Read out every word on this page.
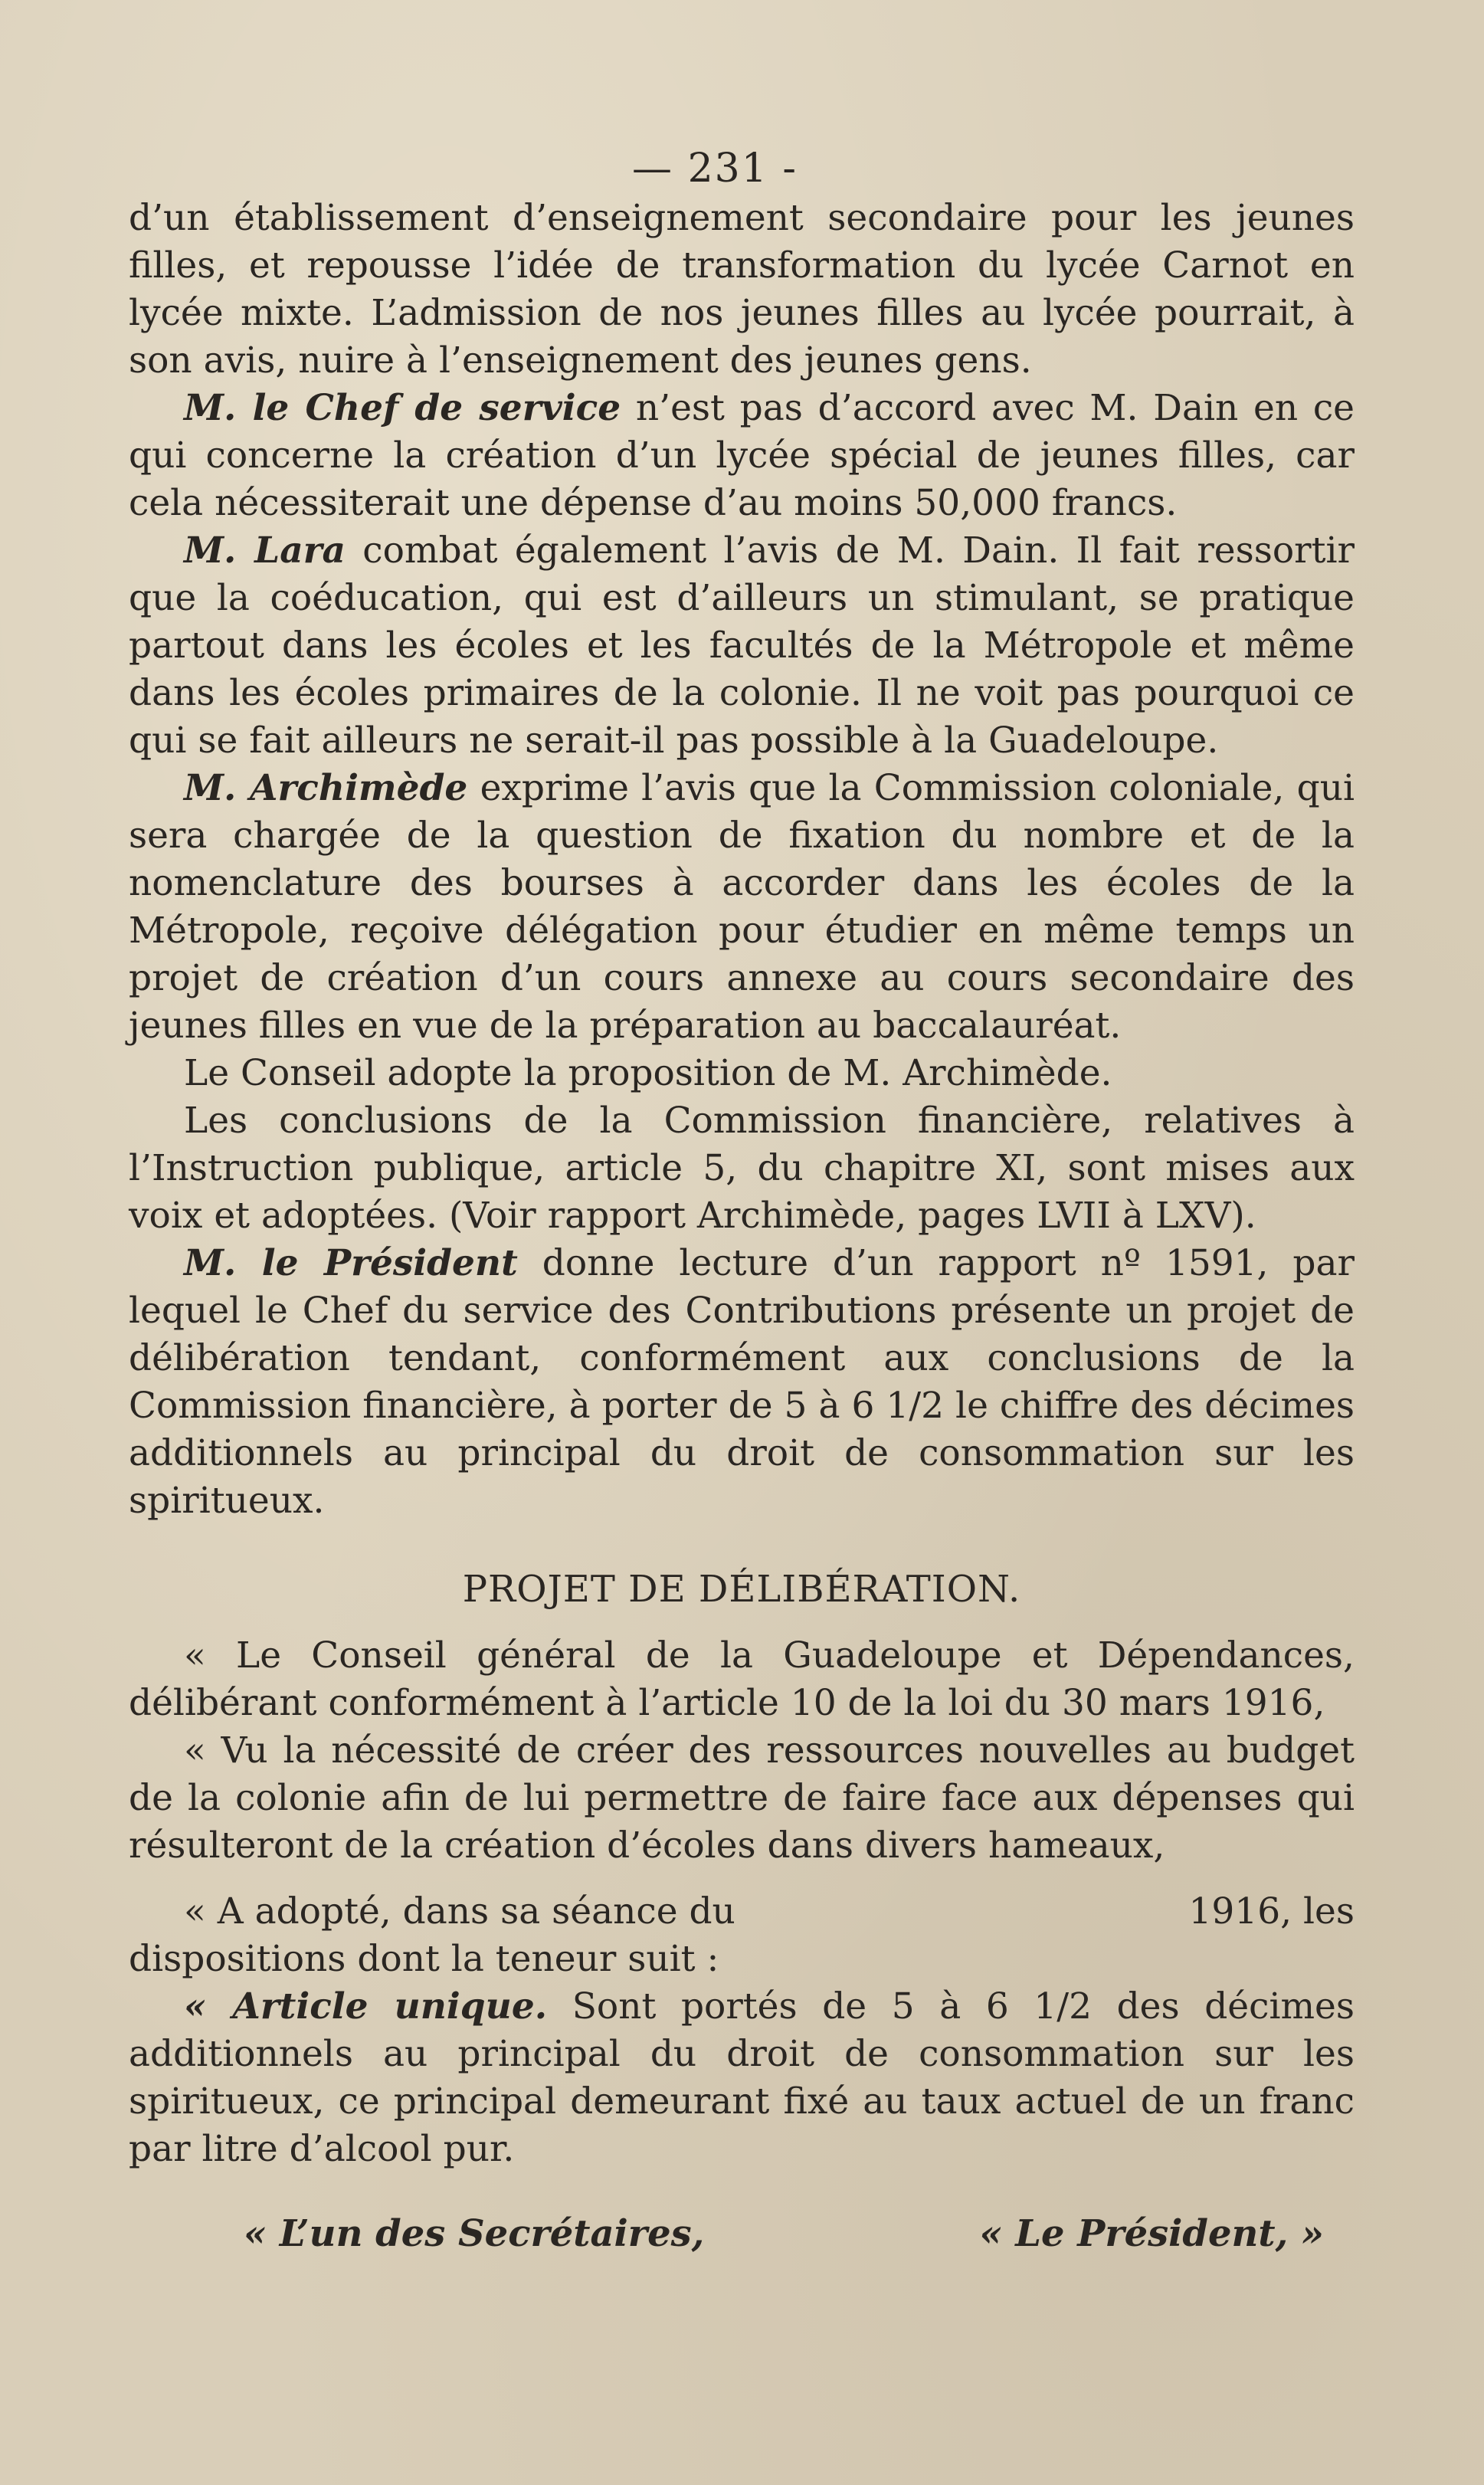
— 231 -

d’un établissement d’enseignement secondaire pour les jeunes filles, et repousse l’idée de transformation du lycée Carnot en lycée mixte. L’admission de nos jeunes filles au lycée pourrait, à son avis, nuire à l’enseignement des jeunes gens.

M. le Chef de service n’est pas d’accord avec M. Dain en ce qui concerne la création d’un lycée spécial de jeunes filles, car cela nécessiterait une dépense d’au moins 50,000 francs.

M. Lara combat également l’avis de M. Dain. Il fait ressortir que la coéducation, qui est d’ailleurs un stimulant, se pratique partout dans les écoles et les facultés de la Métropole et même dans les écoles primaires de la colonie. Il ne voit pas pourquoi ce qui se fait ailleurs ne serait-il pas possible à la Guadeloupe.

M. Archimède exprime l’avis que la Commission coloniale, qui sera chargée de la question de fixation du nombre et de la nomenclature des bourses à accorder dans les écoles de la Métropole, reçoive délégation pour étudier en même temps un projet de création d’un cours annexe au cours secondaire des jeunes filles en vue de la préparation au baccalauréat.

Le Conseil adopte la proposition de M. Archimède.

Les conclusions de la Commission financière, relatives à l’Instruction publique, article 5, du chapitre XI, sont mises aux voix et adoptées. (Voir rapport Archimède, pages LVII à LXV).

M. le Président donne lecture d’un rapport nº 1591, par lequel le Chef du service des Contributions présente un projet de délibération tendant, conformément aux conclusions de la Commission financière, à porter de 5 à 6 1/2 le chiffre des décimes additionnels au principal du droit de consommation sur les spiritueux.

PROJET DE DÉLIBÉRATION.

« Le Conseil général de la Guadeloupe et Dépendances, délibérant conformément à l’article 10 de la loi du 30 mars 1916,

« Vu la nécessité de créer des ressources nouvelles au budget de la colonie afin de lui permettre de faire face aux dépenses qui résulteront de la création d’écoles dans divers hameaux,

« A adopté, dans sa séance du	1916, les

dispositions dont la teneur suit :

« Article unique. Sont portés de 5 à 6 1/2 des décimes additionnels au principal du droit de consommation sur les spiritueux, ce principal demeurant fixé au taux actuel de un franc par litre d’alcool pur.

« L’un des Secrétaires,	« Le Président, »
